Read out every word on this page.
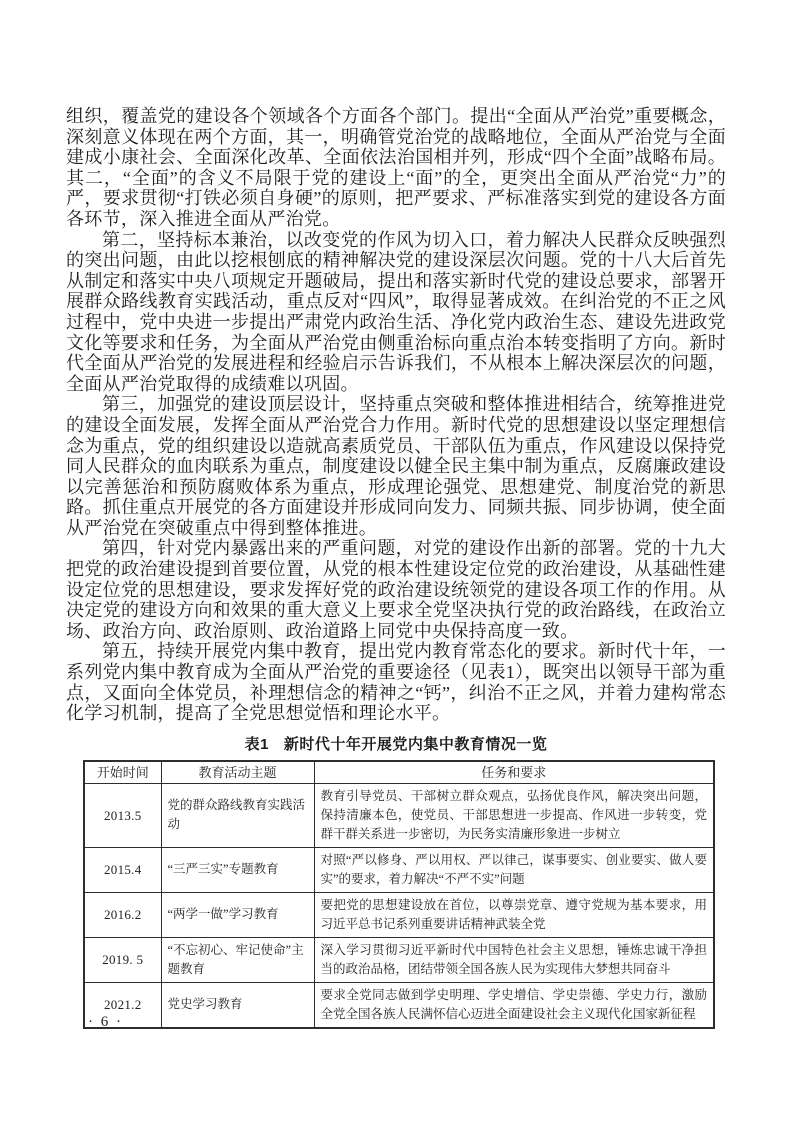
组织，覆盖党的建设各个领域各个方面各个部门。提出“全面从严治党”重要概念，深刻意义体现在两个方面，其一，明确管党治党的战略地位，全面从严治党与全面建成小康社会、全面深化改革、全面依法治国相并列，形成“四个全面”战略布局。其二，“全面”的含义不局限于党的建设上“面”的全，更突出全面从严治党“力”的严，要求贯彻“打铁必须自身硬”的原则，把严要求、严标准落实到党的建设各方面各环节，深入推进全面从严治党。

第二，坚持标本兼治，以改变党的作风为切入口，着力解决人民群众反映强烈的突出问题，由此以挖根刨底的精神解决党的建设深层次问题。党的十八大后首先从制定和落实中央八项规定开题破局，提出和落实新时代党的建设总要求，部署开展群众路线教育实践活动，重点反对“四风”，取得显著成效。在纠治党的不正之风过程中，党中央进一步提出严肃党内政治生活、净化党内政治生态、建设先进政党文化等要求和任务，为全面从严治党由侧重治标向重点治本转变指明了方向。新时代全面从严治党的发展进程和经验启示告诉我们，不从根本上解决深层次的问题，全面从严治党取得的成绩难以巩固。

第三，加强党的建设顶层设计，坚持重点突破和整体推进相结合，统筹推进党的建设全面发展，发挥全面从严治党合力作用。新时代党的思想建设以坚定理想信念为重点，党的组织建设以造就高素质党员、干部队伍为重点，作风建设以保持党同人民群众的血肉联系为重点，制度建设以健全民主集中制为重点，反腐廉政建设以完善惩治和预防腐败体系为重点，形成理论强党、思想建党、制度治党的新思路。抓住重点开展党的各方面建设并形成同向发力、同频共振、同步协调，使全面从严治党在突破重点中得到整体推进。

第四，针对党内暴露出来的严重问题，对党的建设作出新的部署。党的十九大把党的政治建设提到首要位置，从党的根本性建设定位党的政治建设，从基础性建设定位党的思想建设，要求发挥好党的政治建设统领党的建设各项工作的作用。从决定党的建设方向和效果的重大意义上要求全党坚决执行党的政治路线，在政治立场、政治方向、政治原则、政治道路上同党中央保持高度一致。

第五，持续开展党内集中教育，提出党内教育常态化的要求。新时代十年，一系列党内集中教育成为全面从严治党的重要途径（见表1），既突出以领导干部为重点，又面向全体党员，补理想信念的精神之“钙”，纠治不正之风，并着力建构常态化学习机制，提高了全党思想觉悟和理论水平。

表1 新时代十年开展党内集中教育情况一览
开始时间	教育活动主题	任务和要求
2013.5	党的群众路线教育实践活动	教育引导党员、干部树立群众观点，弘扬优良作风，解决突出问题，保持清廉本色，使党员、干部思想进一步提高、作风进一步转变，党群干群关系进一步密切，为民务实清廉形象进一步树立
2015.4	“三严三实”专题教育	对照“严以修身、严以用权、严以律己，谋事要实、创业要实、做人要实”的要求，着力解决“不严不实”问题
2016.2	“两学一做”学习教育	要把党的思想建设放在首位，以尊崇党章、遵守党规为基本要求，用习近平总书记系列重要讲话精神武装全党
2019. 5	“不忘初心、牢记使命”主题教育	深入学习贯彻习近平新时代中国特色社会主义思想，锤炼忠诚干净担当的政治品格，团结带领全国各族人民为实现伟大梦想共同奋斗
2021.2	党史学习教育	要求全党同志做到学史明理、学史增信、学史崇德、学史力行，激励全党全国各族人民满怀信心迈进全面建设社会主义现代化国家新征程
· 6 ·
